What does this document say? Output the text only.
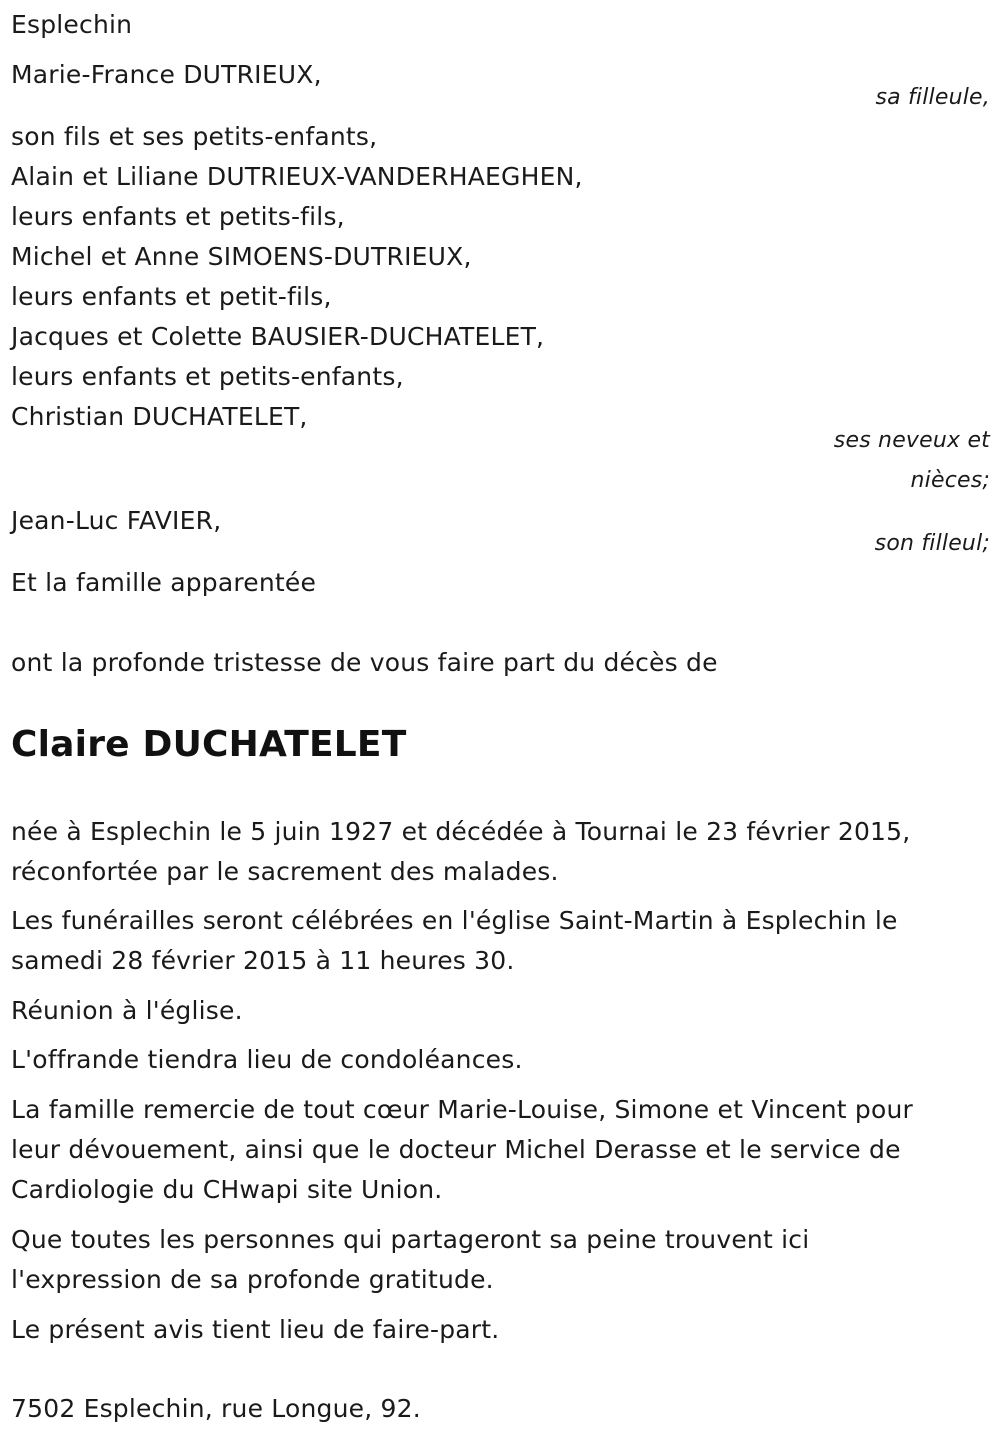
Esplechin

Marie-France DUTRIEUX,

sa filleule,

son fils et ses petits-enfants,

Alain et Liliane DUTRIEUX-VANDERHAEGHEN,

leurs enfants et petits-fils,

Michel et Anne SIMOENS-DUTRIEUX,

leurs enfants et petit-fils,

Jacques et Colette BAUSIER-DUCHATELET,

leurs enfants et petits-enfants,

Christian DUCHATELET,

ses neveux et

nièces;

Jean-Luc FAVIER,

son filleul;

Et la famille apparentée

ont la profonde tristesse de vous faire part du décès de

Claire DUCHATELET
née à Esplechin le 5 juin 1927 et décédée à Tournai le 23 février 2015,
réconfortée par le sacrement des malades.
Les funérailles seront célébrées en l'église Saint-Martin à Esplechin le
samedi 28 février 2015 à 11 heures 30.
Réunion à l'église.
L'offrande tiendra lieu de condoléances.
La famille remercie de tout cœur Marie-Louise, Simone et Vincent pour
leur dévouement, ainsi que le docteur Michel Derasse et le service de
Cardiologie du CHwapi site Union.
Que toutes les personnes qui partageront sa peine trouvent ici
l'expression de sa profonde gratitude.
Le présent avis tient lieu de faire-part.

7502 Esplechin, rue Longue, 92.
